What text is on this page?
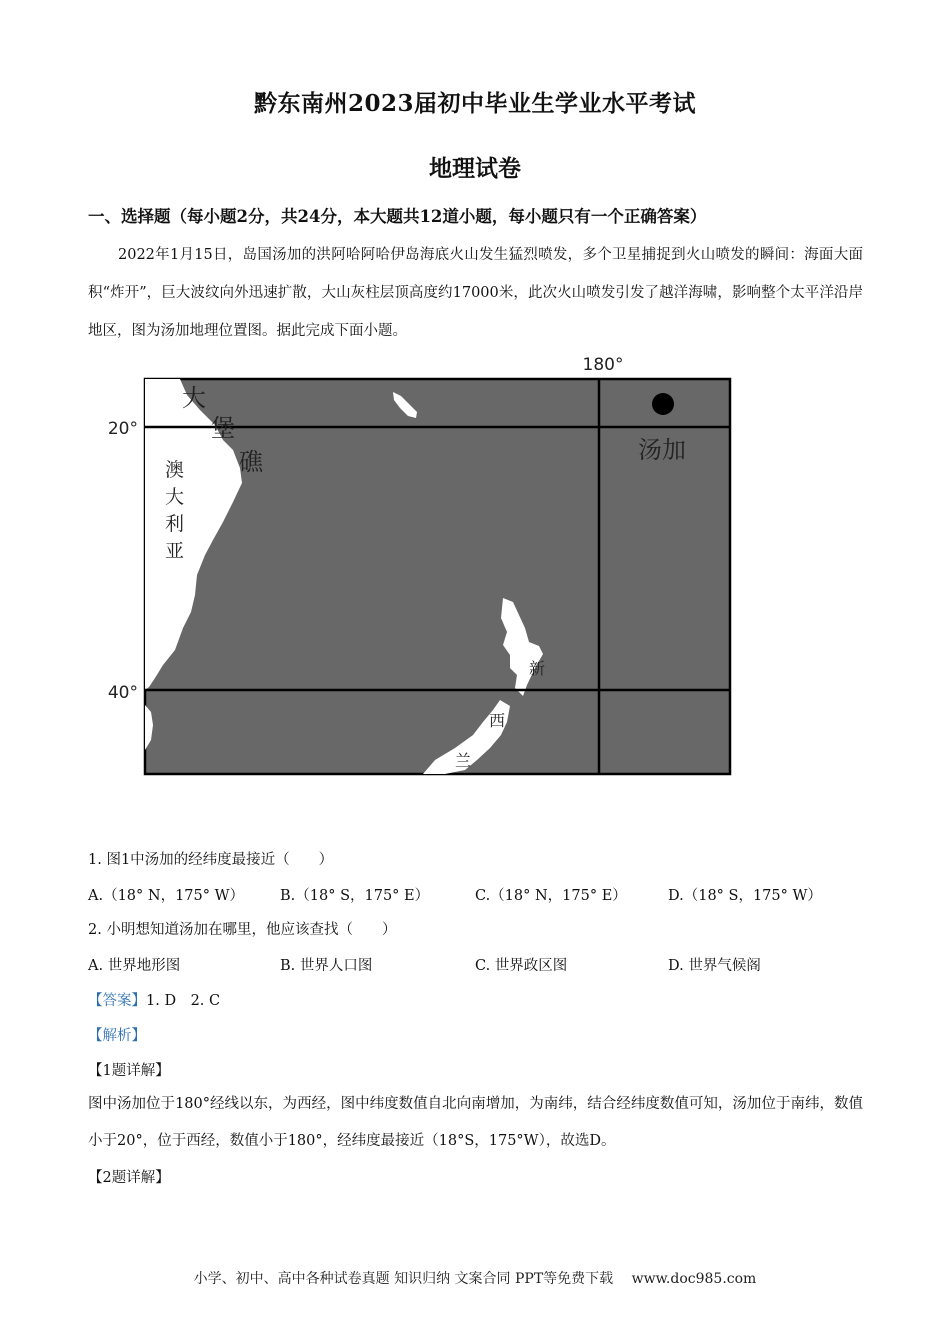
黔东南州2023届初中毕业生学业水平考试
地理试卷
一、选择题（每小题2分，共24分，本大题共12道小题，每小题只有一个正确答案）
2022年1月15日，岛国汤加的洪阿哈阿哈伊岛海底火山发生猛烈喷发，多个卫星捕捉到火山喷发的瞬间：海面大面积“炸开”，巨大波纹向外迅速扩散，大山灰柱层顶高度约17000米，此次火山喷发引发了越洋海啸，影响整个太平洋沿岸地区，图为汤加地理位置图。据此完成下面小题。
180°
20°
40°
大
堡
礁
澳
大
利
亚
汤加
新
西
兰
1. 图1中汤加的经纬度最接近（　　）
A.（18° N，175° W） B.（18° S，175° E）	C.（18° N，175° E）	D.（18° S，175° W）
2. 小明想知道汤加在哪里，他应该查找（　　）
A. 世界地形图	B. 世界人口图	C. 世界政区图	D. 世界气候阁
【答案】1. D　2. C
【解析】
【1题详解】
图中汤加位于180°经线以东，为西经，图中纬度数值自北向南增加，为南纬，结合经纬度数值可知，汤加位于南纬，数值小于20°，位于西经，数值小于180°，经纬度最接近（18°S，175°W），故选D。
【2题详解】
小学、初中、高中各种试卷真题 知识归纳 文案合同 PPT等免费下载　 www.doc985.com
